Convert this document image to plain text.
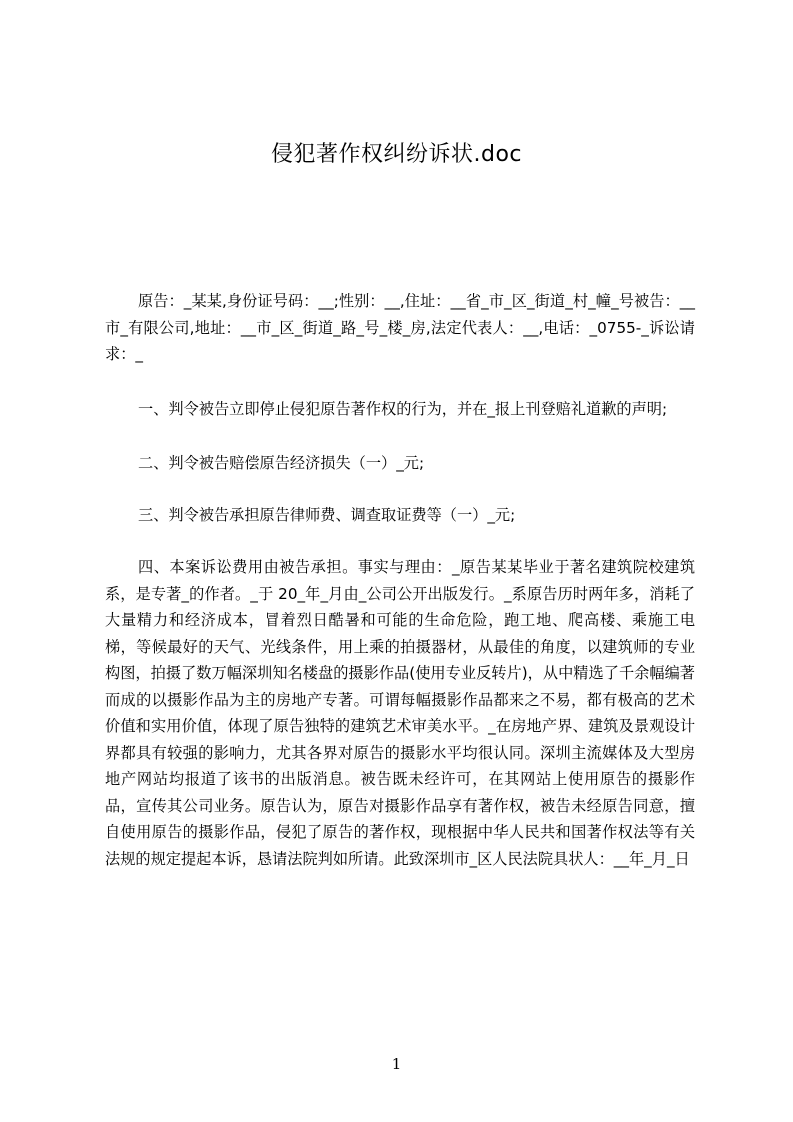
侵犯著作权纠纷诉状.doc
原告：_某某,身份证号码：__;性别：__,住址：__省_市_区_街道_村_幢_号被告：__市_有限公司,地址：__市_区_街道_路_号_楼_房,法定代表人：__,电话：_0755-_诉讼请求：_
一、判令被告立即停止侵犯原告著作权的行为，并在_报上刊登赔礼道歉的声明;
二、判令被告赔偿原告经济损失（一）_元;
三、判令被告承担原告律师费、调查取证费等（一）_元;
四、本案诉讼费用由被告承担。事实与理由：_原告某某毕业于著名建筑院校建筑系，是专著_的作者。_于 20_年_月由_公司公开出版发行。_系原告历时两年多，消耗了大量精力和经济成本，冒着烈日酷暑和可能的生命危险，跑工地、爬高楼、乘施工电梯，等候最好的天气、光线条件，用上乘的拍摄器材，从最佳的角度，以建筑师的专业构图，拍摄了数万幅深圳知名楼盘的摄影作品(使用专业反转片)，从中精选了千余幅编著而成的以摄影作品为主的房地产专著。可谓每幅摄影作品都来之不易，都有极高的艺术价值和实用价值，体现了原告独特的建筑艺术审美水平。_在房地产界、建筑及景观设计界都具有较强的影响力，尤其各界对原告的摄影水平均很认同。深圳主流媒体及大型房地产网站均报道了该书的出版消息。被告既未经许可，在其网站上使用原告的摄影作品，宣传其公司业务。原告认为，原告对摄影作品享有著作权，被告未经原告同意，擅自使用原告的摄影作品，侵犯了原告的著作权，现根据中华人民共和国著作权法等有关法规的规定提起本诉，恳请法院判如所请。此致深圳市_区人民法院具状人：__年_月_日
1
